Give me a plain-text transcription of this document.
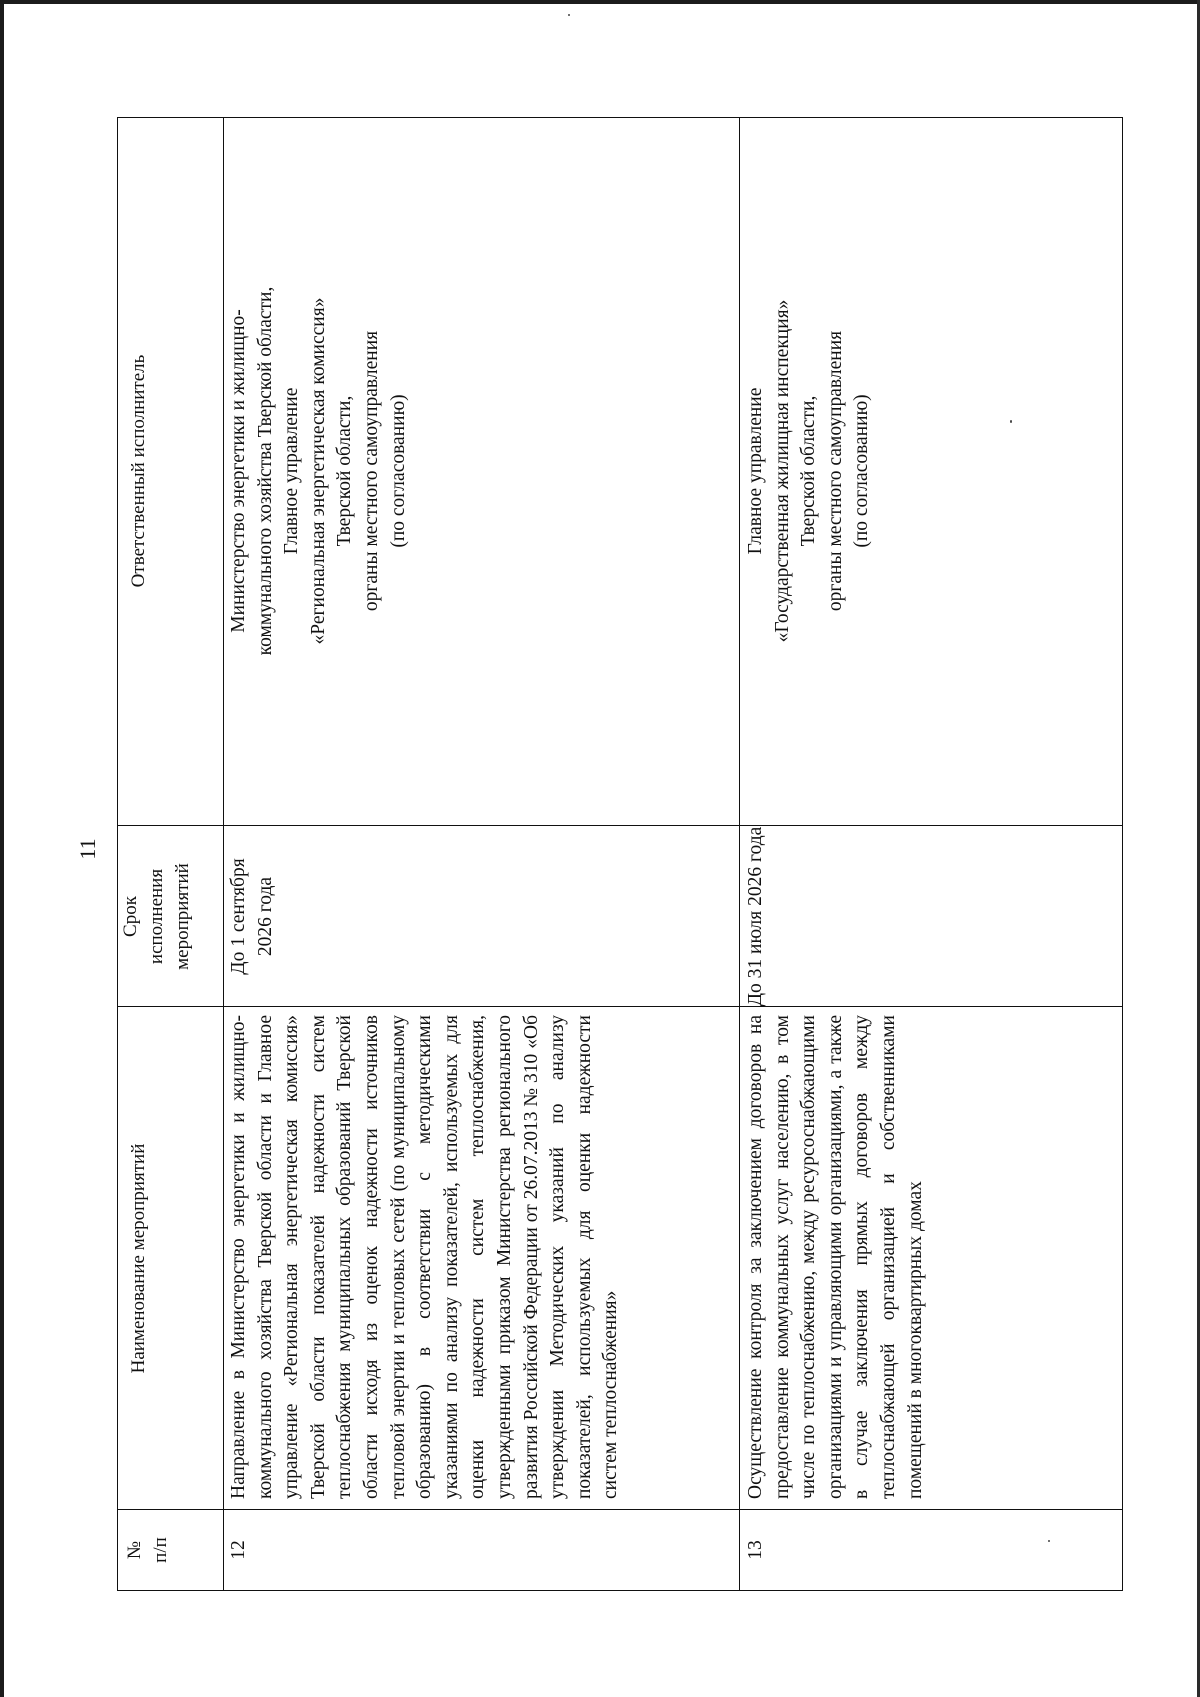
11
№
п/п
Наименование мероприятий
Срок
исполнения
мероприятий
Ответственный исполнитель
12
Направление в Министерство энергетики и жилищно-коммунального хозяйства Тверской области и Главное управление «Региональная энергетическая комиссия» Тверской области показателей надежности систем теплоснабжения муниципальных образований Тверской области исходя из оценок надежности источников тепловой энергии и тепловых сетей (по муниципальному образованию) в соответствии с методическими указаниями по анализу показателей, используемых для оценки надежности систем теплоснабжения, утвержденными приказом Министерства регионального развития Российской Федерации от 26.07.2013 № 310 «Об утверждении Методических указаний по анализу показателей, используемых для оценки надежности систем теплоснабжения»
До 1 сентября
2026 года
Министерство энергетики и жилищно-
коммунального хозяйства Тверской области,
Главное управление
«Региональная энергетическая комиссия»
Тверской области,
органы местного самоуправления
(по согласованию)
13
Осуществление контроля за заключением договоров на предоставление коммунальных услуг населению, в том числе по теплоснабжению, между ресурсоснабжающими организациями и управляющими организациями, а также в случае заключения прямых договоров между теплоснабжающей организацией и собственниками помещений в многоквартирных домах
До 31 июля 2026 года
Главное управление
«Государственная жилищная инспекция»
Тверской области,
органы местного самоуправления
(по согласованию)
